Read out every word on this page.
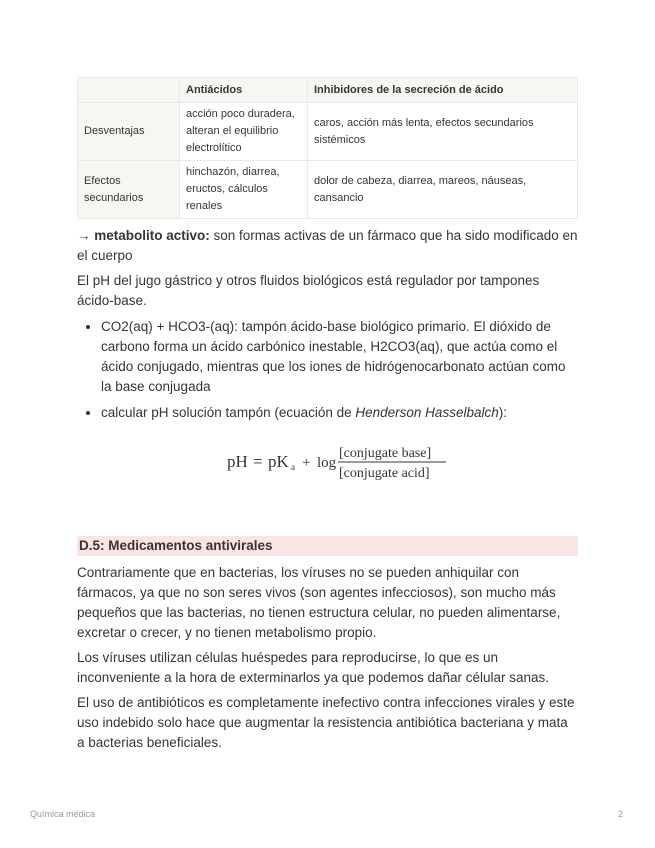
	Antiácidos	Inhibidores de la secreción de ácido
Desventajas	acción poco duradera, alteran el equilibrio electrolítico	caros, acción más lenta, efectos secundarios sistémicos
Efectos secundarios	hinchazón, diarrea, eructos, cálculos renales	dolor de cabeza, diarrea, mareos, náuseas, cansancio

→ metabolito activo: son formas activas de un fármaco que ha sido modificado en el cuerpo

El pH del jugo gástrico y otros fluidos biológicos está regulador por tampones ácido-base.

• CO2(aq) + HCO3-(aq): tampón ácido-base biológico primario. El dióxido de carbono forma un ácido carbónico inestable, H2CO3(aq), que actúa como el ácido conjugado, mientras que los iones de hidrógenocarbonato actúan como la base conjugada
• calcular pH solución tampón (ecuación de Henderson Hasselbalch):
pH = pK a + log
[conjugate base]
[conjugate acid]
D.5: Medicamentos antivirales

Contrariamente que en bacterias, los víruses no se pueden anhiquilar con fármacos, ya que no son seres vivos (son agentes infecciosos), son mucho más pequeños que las bacterias, no tienen estructura celular, no pueden alimentarse, excretar o crecer, y no tienen metabolismo propio.

Los víruses utilizan células huéspedes para reproducirse, lo que es un inconveniente a la hora de exterminarlos ya que podemos dañar célular sanas.

El uso de antibióticos es completamente inefectivo contra infecciones virales y este uso indebido solo hace que augmentar la resistencia antibiótica bacteriana y mata a bacterias beneficiales.

Química médica	2
